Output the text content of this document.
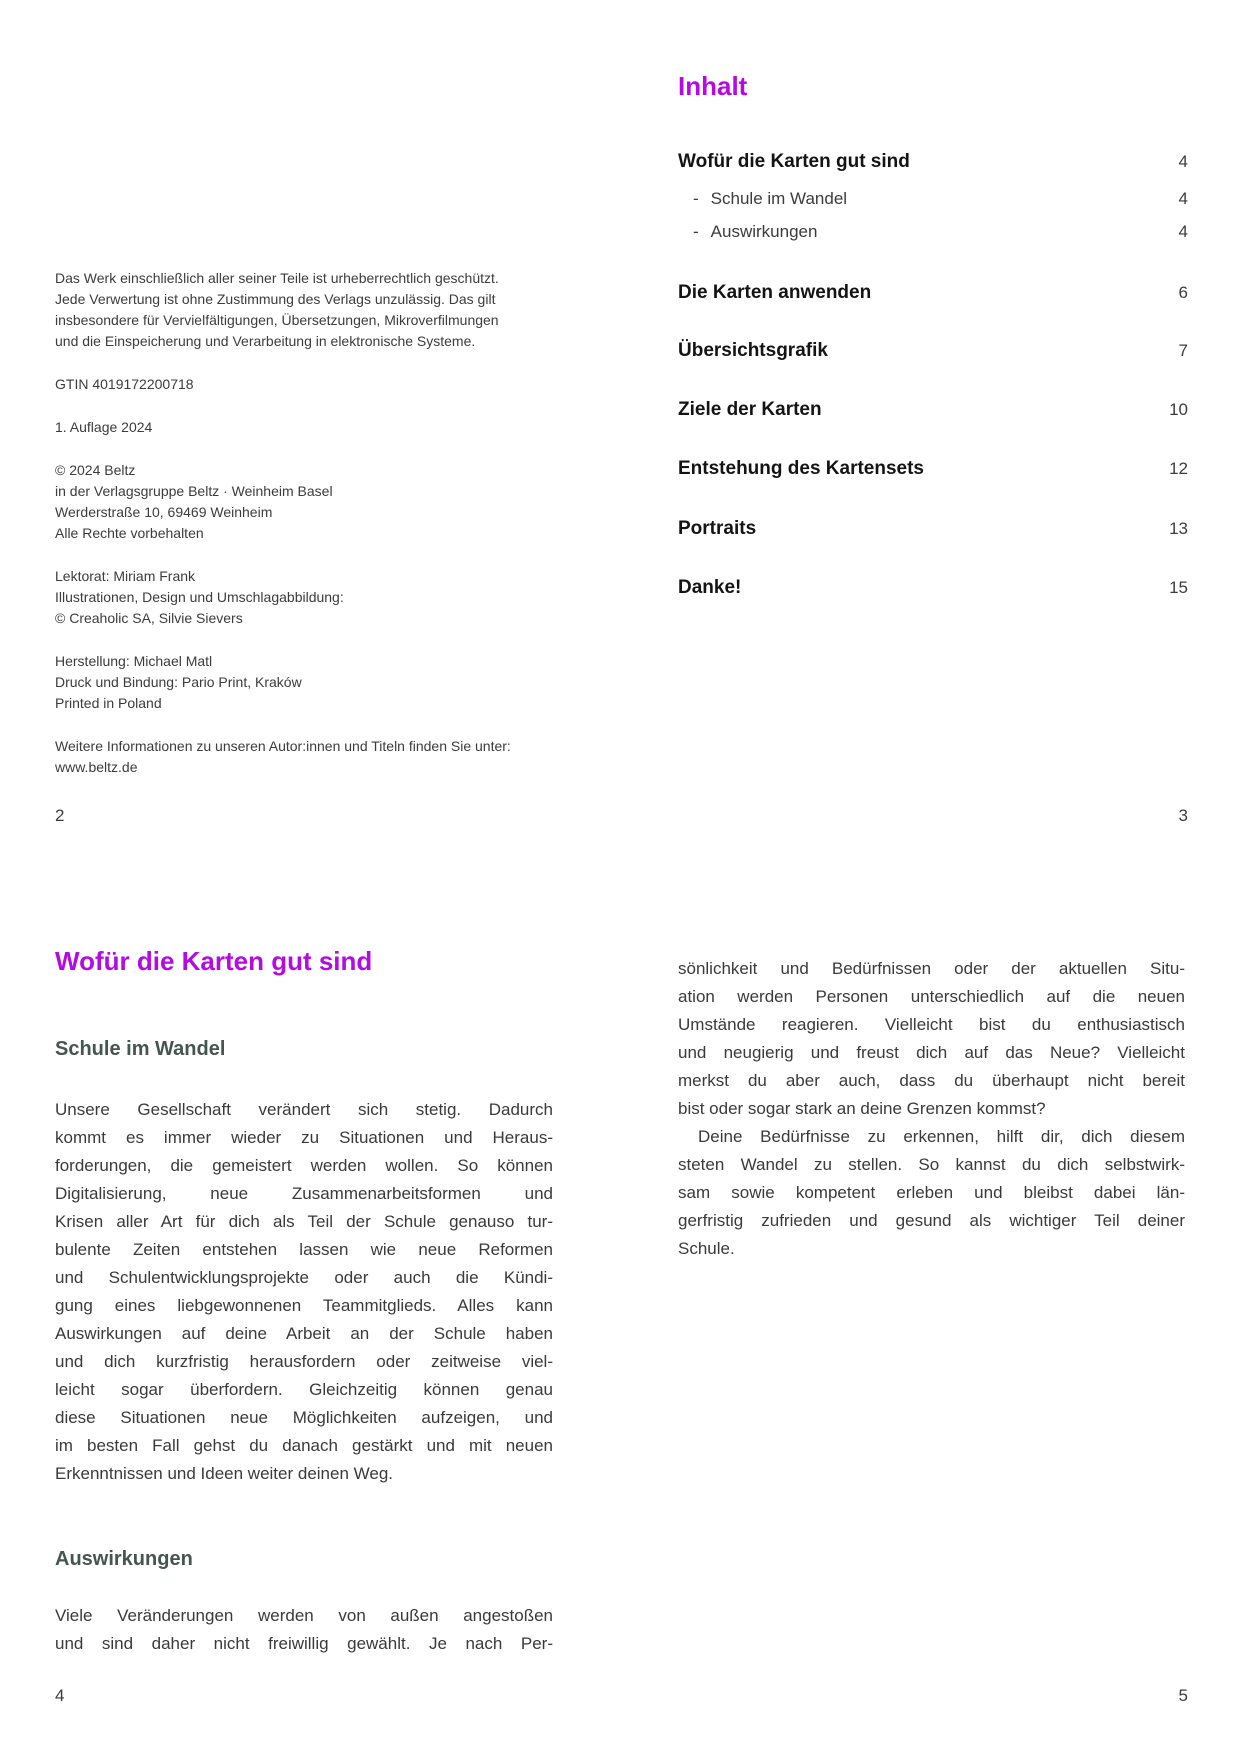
Das Werk einschließlich aller seiner Teile ist urheberrechtlich geschützt.
Jede Verwertung ist ohne Zustimmung des Verlags unzulässig. Das gilt
insbesondere für Vervielfältigungen, Übersetzungen, Mikroverfilmungen
und die Einspeicherung und Verarbeitung in elektronische Systeme.
GTIN 4019172200718
1. Auflage 2024
© 2024 Beltz
in der Verlagsgruppe Beltz · Weinheim Basel
Werderstraße 10, 69469 Weinheim
Alle Rechte vorbehalten
Lektorat: Miriam Frank
Illustrationen, Design und Umschlagabbildung:
© Creaholic SA, Silvie Sievers
Herstellung: Michael Matl
Druck und Bindung: Pario Print, Kraków
Printed in Poland
Weitere Informationen zu unseren Autor:innen und Titeln finden Sie unter:
www.beltz.de
2
Inhalt
Wofür die Karten gut sind	4
- Schule im Wandel	4
- Auswirkungen	4
Die Karten anwenden	6
Übersichtsgrafik	7
Ziele der Karten	10
Entstehung des Kartensets	12
Portraits	13
Danke!	15
3
Wofür die Karten gut sind
Schule im Wandel
Unsere Gesellschaft verändert sich stetig. Dadurch
kommt es immer wieder zu Situationen und Heraus-
forderungen, die gemeistert werden wollen. So können
Digitalisierung, neue Zusammenarbeitsformen und
Krisen aller Art für dich als Teil der Schule genauso tur-
bulente Zeiten entstehen lassen wie neue Reformen
und Schulentwicklungsprojekte oder auch die Kündi-
gung eines liebgewonnenen Teammitglieds. Alles kann
Auswirkungen auf deine Arbeit an der Schule haben
und dich kurzfristig herausfordern oder zeitweise viel-
leicht sogar überfordern. Gleichzeitig können genau
diese Situationen neue Möglichkeiten aufzeigen, und
im besten Fall gehst du danach gestärkt und mit neuen
Erkenntnissen und Ideen weiter deinen Weg.
Auswirkungen
Viele Veränderungen werden von außen angestoßen
und sind daher nicht freiwillig gewählt. Je nach Per-
4
sönlichkeit und Bedürfnissen oder der aktuellen Situ-
ation werden Personen unterschiedlich auf die neuen
Umstände reagieren. Vielleicht bist du enthusiastisch
und neugierig und freust dich auf das Neue? Vielleicht
merkst du aber auch, dass du überhaupt nicht bereit
bist oder sogar stark an deine Grenzen kommst?
Deine Bedürfnisse zu erkennen, hilft dir, dich diesem
steten Wandel zu stellen. So kannst du dich selbstwirk-
sam sowie kompetent erleben und bleibst dabei län-
gerfristig zufrieden und gesund als wichtiger Teil deiner
Schule.
5
